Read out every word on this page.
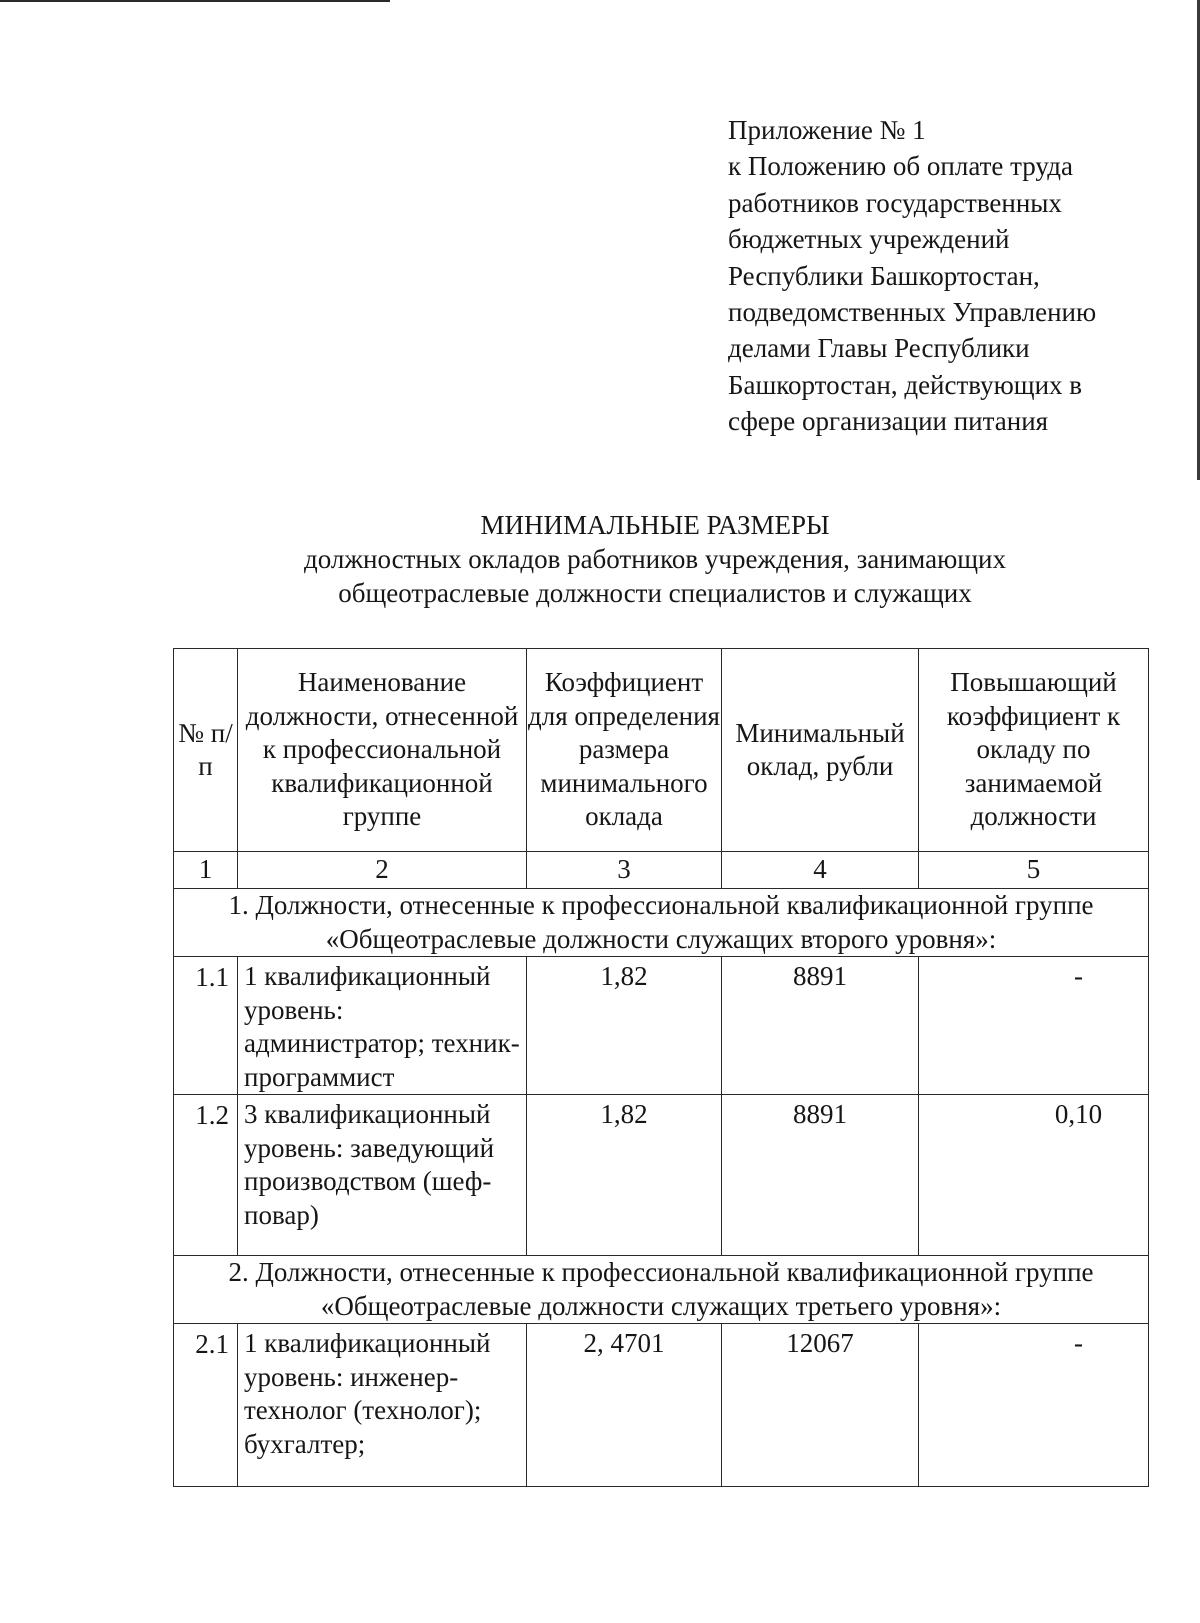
Приложение № 1
к Положению об оплате труда
работников государственных
бюджетных учреждений
Республики Башкортостан,
подведомственных Управлению
делами Главы Республики
Башкортостан, действующих в
сфере организации питания
МИНИМАЛЬНЫЕ РАЗМЕРЫ
должностных окладов работников учреждения, занимающих
общеотраслевые должности специалистов и служащих
№ п/п	Наименование должности, отнесенной к профессиональной квалификационной группе	Коэффициент для определения размера минимального оклада	Минимальный оклад, рубли	Повышающий коэффициент к окладу по занимаемой должности
1	2	3	4	5
1. Должности, отнесенные к профессиональной квалификационной группе «Общеотраслевые должности служащих второго уровня»:				
1.1	1 квалификационный уровень: администратор; техник-программист	1,82	8891	-
1.2	3 квалификационный уровень: заведующий производством (шеф-повар)	1,82	8891	0,10
2. Должности, отнесенные к профессиональной квалификационной группе «Общеотраслевые должности служащих третьего уровня»:				
2.1	1 квалификационный уровень: инженер-технолог (технолог); бухгалтер;	2, 4701	12067	-
